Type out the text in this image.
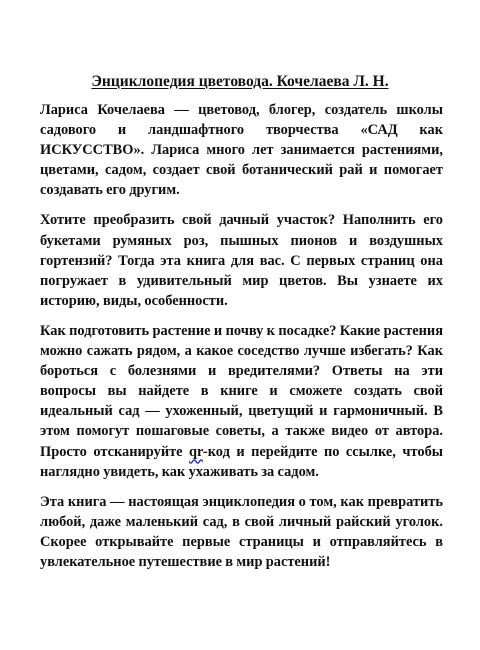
Энциклопедия цветовода. Кочелаева Л. Н.

Лариса Кочелаева — цветовод, блогер, создатель школы садового и ландшафтного творчества «САД как ИСКУССТВО». Лариса много лет занимается растениями, цветами, садом, создает свой ботанический рай и помогает создавать его другим.

Хотите преобразить свой дачный участок? Наполнить его букетами румяных роз, пышных пионов и воздушных гортензий? Тогда эта книга для вас. С первых страниц она погружает в удивительный мир цветов. Вы узнаете их историю, виды, особенности.

Как подготовить растение и почву к посадке? Какие растения можно сажать рядом, а какое соседство лучше избегать? Как бороться с болезнями и вредителями? Ответы на эти вопросы вы найдете в книге и сможете создать свой идеальный сад — ухоженный, цветущий и гармоничный. В этом помогут пошаговые советы, а также видео от автора. Просто отсканируйте qr-код и перейдите по ссылке, чтобы наглядно увидеть, как ухаживать за садом.

Эта книга — настоящая энциклопедия о том, как превратить любой, даже маленький сад, в свой личный райский уголок. Скорее открывайте первые страницы и отправляйтесь в увлекательное путешествие в мир растений!
